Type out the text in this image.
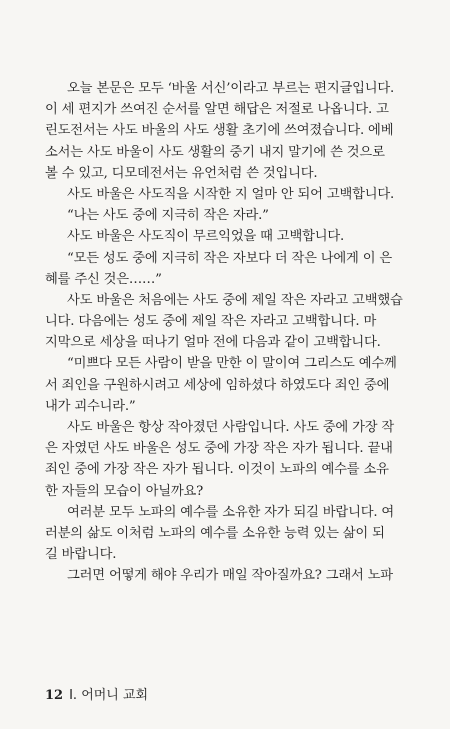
오늘 본문은 모두 ‘바울 서신’이라고 부르는 편지글입니다.
이 세 편지가 쓰여진 순서를 알면 해답은 저절로 나옵니다. 고
린도전서는 사도 바울의 사도 생활 초기에 쓰여졌습니다. 에베
소서는 사도 바울이 사도 생활의 중기 내지 말기에 쓴 것으로
볼 수 있고, 디모데전서는 유언처럼 쓴 것입니다.
사도 바울은 사도직을 시작한 지 얼마 안 되어 고백합니다.
“나는 사도 중에 지극히 작은 자라.”
사도 바울은 사도직이 무르익었을 때 고백합니다.
“모든 성도 중에 지극히 작은 자보다 더 작은 나에게 이 은
혜를 주신 것은……”
사도 바울은 처음에는 사도 중에 제일 작은 자라고 고백했습
니다. 다음에는 성도 중에 제일 작은 자라고 고백합니다. 마
지막으로 세상을 떠나기 얼마 전에 다음과 같이 고백합니다.
“미쁘다 모든 사람이 받을 만한 이 말이여 그리스도 예수께
서 죄인을 구원하시려고 세상에 임하셨다 하였도다 죄인 중에
내가 괴수니라.”
사도 바울은 항상 작아졌던 사람입니다. 사도 중에 가장 작
은 자였던 사도 바울은 성도 중에 가장 작은 자가 됩니다. 끝내
죄인 중에 가장 작은 자가 됩니다. 이것이 노파의 예수를 소유
한 자들의 모습이 아닐까요?
여러분 모두 노파의 예수를 소유한 자가 되길 바랍니다. 여
러분의 삶도 이처럼 노파의 예수를 소유한 능력 있는 삶이 되
길 바랍니다.
그러면 어떻게 해야 우리가 매일 작아질까요? 그래서 노파
12 I. 어머니 교회
